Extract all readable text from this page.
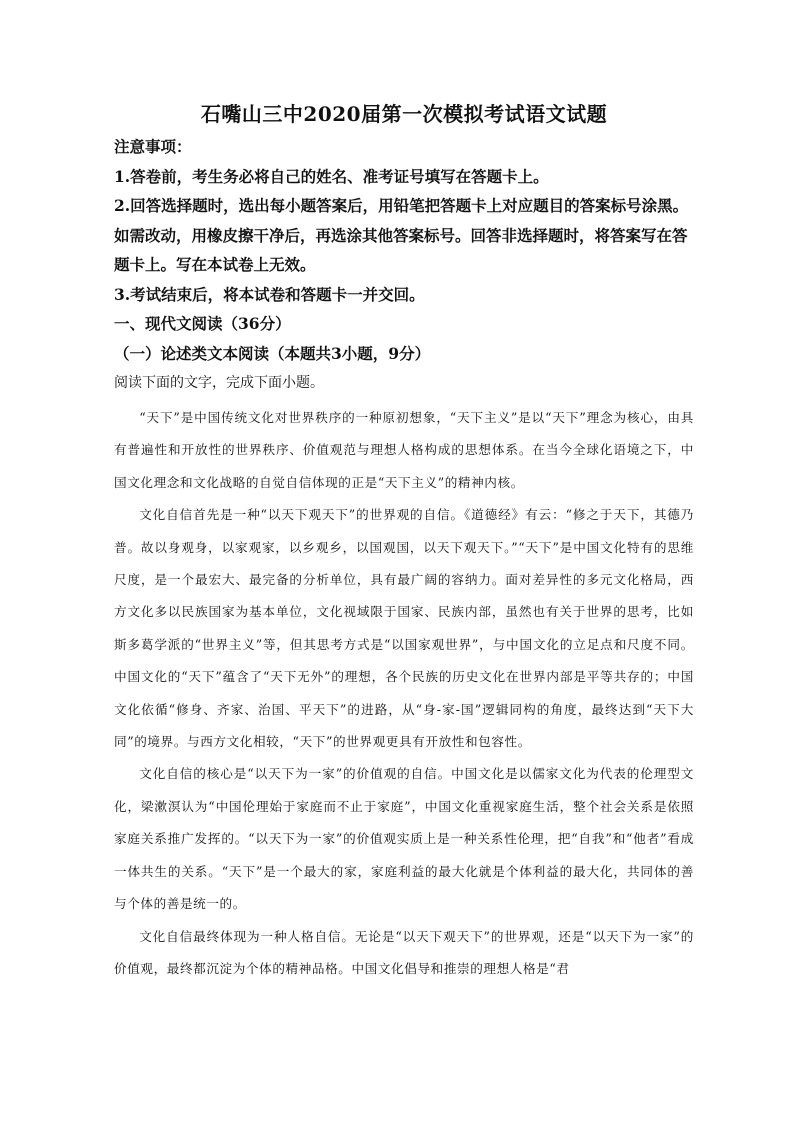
石嘴山三中2020届第一次模拟考试语文试题

注意事项：

1.答卷前，考生务必将自己的姓名、准考证号填写在答题卡上。

2.回答选择题时，选出每小题答案后，用铅笔把答题卡上对应题目的答案标号涂黑。如需改动，用橡皮擦干净后，再选涂其他答案标号。回答非选择题时，将答案写在答题卡上。写在本试卷上无效。

3.考试结束后，将本试卷和答题卡一并交回。

一、现代文阅读（36分）

（一）论述类文本阅读（本题共3小题，9分）

阅读下面的文字，完成下面小题。

“天下”是中国传统文化对世界秩序的一种原初想象，“天下主义”是以“天下”理念为核心，由具有普遍性和开放性的世界秩序、价值观范与理想人格构成的思想体系。在当今全球化语境之下，中国文化理念和文化战略的自觉自信体现的正是“天下主义”的精神内核。

文化自信首先是一种“以天下观天下”的世界观的自信。《道德经》有云：“修之于天下，其德乃普。故以身观身，以家观家，以乡观乡，以国观国，以天下观天下。”“天下”是中国文化特有的思维尺度，是一个最宏大、最完备的分析单位，具有最广阔的容纳力。面对差异性的多元文化格局，西方文化多以民族国家为基本单位，文化视域限于国家、民族内部，虽然也有关于世界的思考，比如斯多葛学派的“世界主义”等，但其思考方式是“以国家观世界”，与中国文化的立足点和尺度不同。中国文化的“天下”蕴含了“天下无外”的理想，各个民族的历史文化在世界内部是平等共存的；中国文化依循“修身、齐家、治国、平天下”的进路，从“身-家-国”逻辑同构的角度，最终达到“天下大同”的境界。与西方文化相较，“天下”的世界观更具有开放性和包容性。

文化自信的核心是“以天下为一家”的价值观的自信。中国文化是以儒家文化为代表的伦理型文化，梁漱溟认为“中国伦理始于家庭而不止于家庭”，中国文化重视家庭生活，整个社会关系是依照家庭关系推广发挥的。“以天下为一家”的价值观实质上是一种关系性伦理，把“自我”和“他者”看成一体共生的关系。“天下”是一个最大的家，家庭利益的最大化就是个体利益的最大化，共同体的善与个体的善是统一的。

文化自信最终体现为一种人格自信。无论是“以天下观天下”的世界观，还是“以天下为一家”的价值观，最终都沉淀为个体的精神品格。中国文化倡导和推崇的理想人格是“君
